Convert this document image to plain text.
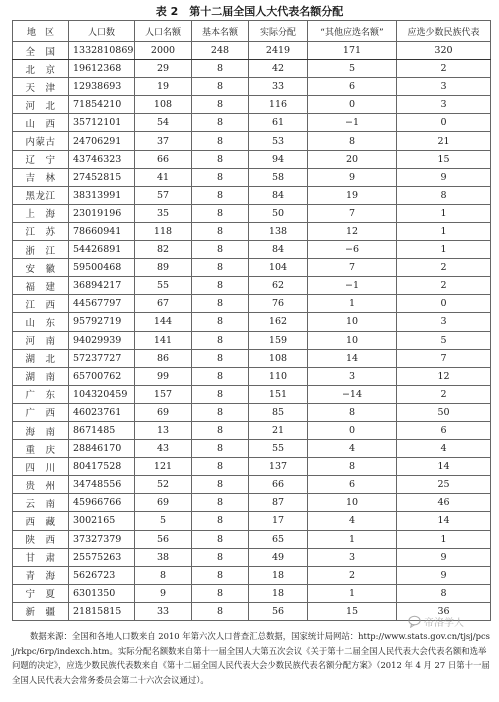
表 2　第十二届全国人大代表名额分配
地　区	人口数	人口名额	基本名额	实际分配	“其他应选名额”	应选少数民族代表
全　国	1332810869	2000	248	2419	171	320
北　京	19612368	29	8	42	5	2
天　津	12938693	19	8	33	6	3
河　北	71854210	108	8	116	0	3
山　西	35712101	54	8	61	−1	0
内蒙古	24706291	37	8	53	8	21
辽　宁	43746323	66	8	94	20	15
吉　林	27452815	41	8	58	9	9
黑龙江	38313991	57	8	84	19	8
上　海	23019196	35	8	50	7	1
江　苏	78660941	118	8	138	12	1
浙　江	54426891	82	8	84	−6	1
安　徽	59500468	89	8	104	7	2
福　建	36894217	55	8	62	−1	2
江　西	44567797	67	8	76	1	0
山　东	95792719	144	8	162	10	3
河　南	94029939	141	8	159	10	5
湖　北	57237727	86	8	108	14	7
湖　南	65700762	99	8	110	3	12
广　东	104320459	157	8	151	−14	2
广　西	46023761	69	8	85	8	50
海　南	8671485	13	8	21	0	6
重　庆	28846170	43	8	55	4	4
四　川	80417528	121	8	137	8	14
贵　州	34748556	52	8	66	6	25
云　南	45966766	69	8	87	10	46
西　藏	3002165	5	8	17	4	14
陕　西	37327379	56	8	65	1	1
甘　肃	25575263	38	8	49	3	9
青　海	5626723	8	8	18	2	9
宁　夏	6301350	9	8	18	1	8
新　疆	21815815	33	8	56	15	36
帝洛学人
数据来源：全国和各地人口数来自 2010 年第六次人口普查汇总数据，国家统计局网站：http://www.stats.gov.cn/tjsj/pcsj/rkpc/6rp/indexch.htm。实际分配名额数来自第十一届全国人大第五次会议《关于第十二届全国人民代表大会代表名额和选举问题的决定》，应选少数民族代表数来自《第十二届全国人民代表大会少数民族代表名额分配方案》（2012 年 4 月 27 日第十一届全国人民代表大会常务委员会第二十六次会议通过）。
